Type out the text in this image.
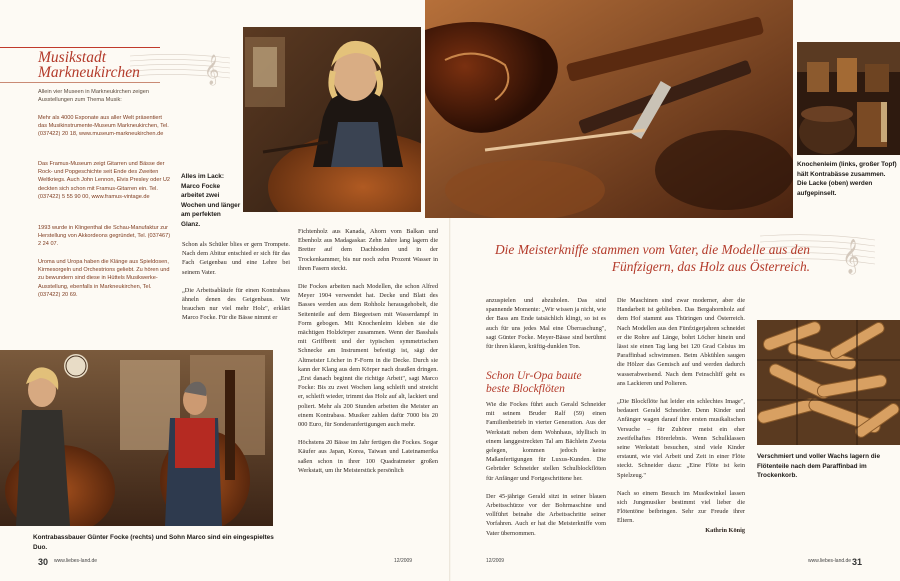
𝄞
Musikstadt
Markneukirchen
Allein vier Museen in Markneukirchen zeigen Ausstellungen zum Thema Musik:
Mehr als 4000 Exponate aus aller Welt präsentiert das Musikinstrumente-Museum Markneukirchen, Tel. (037422) 20 18, www.museum-markneukirchen.de
Das Framus-Museum zeigt Gitarren und Bässe der Rock- und Popgeschichte seit Ende des Zweiten Weltkriegs. Auch John Lennon, Elvis Presley oder U2 deckten sich schon mit Framus-Gitarren ein. Tel. (037422) 5 55 90 00, www.framus-vintage.de
1993 wurde in Klingenthal die Schau-Manufaktur zur Herstellung von Akkordeons gegründet, Tel. (037467) 2 24 07.
Uroma und Uropa haben die Klänge aus Spieldosen, Kirmesorgeln und Orchestrions geliebt. Zu hören und zu bewundern sind diese in Hüttels Musikwerke-Ausstellung, ebenfalls in Markneukirchen, Tel. (037422) 20 69.
Alles im Lack: Marco Focke arbeitet zwei Wochen und länger am perfekten Glanz.
Kontrabassbauer Günter Focke (rechts) und Sohn Marco sind ein eingespieltes Duo.

Schon als Schüler blies er gern Trompete. Nach dem Abitur entschied er sich für das Fach Geigenbau und eine Lehre bei seinem Vater.

„Die Arbeitsabläufe für einen Kontrabass ähneln denen des Geigenbaus. Wir brauchen nur viel mehr Holz", erklärt Marco Focke. Für die Bässe nimmt er

Fichtenholz aus Kanada, Ahorn vom Balkan und Ebenholz aus Madagaskar. Zehn Jahre lang lagern die Bretter auf dem Dachboden und in der Trockenkammer, bis nur noch zehn Prozent Wasser in ihren Fasern steckt.

Die Fockes arbeiten nach Modellen, die schon Alfred Meyer 1904 verwendet hat. Decke und Blatt des Basses werden aus dem Rohholz herausgehobelt, die Seitenteile auf dem Biegeeisen mit Wasserdampf in Form gebogen. Mit Knochenleim kleben sie die mächtigen Holzkörper zusammen. Wenn der Basshals mit Griffbrett und der typischen symmetrischen Schnecke am Instrument befestigt ist, sägt der Altmeister Löcher in F-Form in die Decke. Durch sie kann der Klang aus dem Körper nach draußen dringen. „Erst danach beginnt die richtige Arbeit", sagt Marco Focke: Bis zu zwei Wochen lang schleift und streicht er, schleift wieder, trimmt das Holz auf alt, lackiert und poliert. Mehr als 200 Stunden arbeiten die Meister an einem Kontrabass. Musiker zahlen dafür 7000 bis 20 000 Euro, für Sonderanfertigungen auch mehr.

Höchstens 20 Bässe im Jahr fertigen die Fockes. Sogar Käufer aus Japan, Korea, Taiwan und Lateinamerika saßen schon in ihrer 100 Quadratmeter großen Werkstatt, um ihr Meisterstück persönlich

30 www.liebes-land.de	12/2009
Knochenleim (links, großer Topf) hält Kontrabässe zusammen. Die Lacke (oben) werden aufgepinselt.
𝄞
Die Meisterkniffe stammen vom Vater, die Modelle aus den Fünfzigern, das Holz aus Österreich.

anzuspielen und abzuholen. Das sind spannende Momente: „Wir wissen ja nicht, wie der Bass am Ende tatsächlich klingt, so ist es auch für uns jedes Mal eine Überraschung", sagt Günter Focke. Meyer-Bässe sind berühmt für ihren klaren, kräftig-dunklen Ton.

Schon Ur-Opa baute beste Blockflöten

Wie die Fockes führt auch Gerald Schneider mit seinem Bruder Ralf (59) einen Familienbetrieb in vierter Generation. Aus der Werkstatt neben dem Wohnhaus, idyllisch in einem langgestreckten Tal am Bächlein Zwota gelegen, kommen jedoch keine Maßanfertigungen für Luxus-Kunden. Die Gebrüder Schneider stellen Schulblockflöten für Anfänger und Fortgeschrittene her.

Der 45-jährige Gerald sitzt in seiner blauen Arbeitsschürze vor der Bohrmaschine und vollführt beinahe die Arbeitsschritte seiner Vorfahren. Auch er hat die Meisterkniffe vom Vater übernommen.

Die Maschinen sind zwar moderner, aber die Handarbeit ist geblieben. Das Bergahornholz auf dem Hof stammt aus Thüringen und Österreich. Nach Modellen aus den Fünfzigerjahren schneidet er die Rohre auf Länge, bohrt Löcher hinein und lässt sie einen Tag lang bei 120 Grad Celsius im Paraffinbad schwimmen. Beim Abkühlen saugen die Hölzer das Gemisch auf und werden dadurch wasserabweisend. Nach dem Feinschliff geht es ans Lackieren und Polieren.

„Die Blockflöte hat leider ein schlechtes Image", bedauert Gerald Schneider. Denn Kinder und Anfänger wagen darauf ihre ersten musikalischen Versuche – für Zuhörer meist ein eher zweifelhaftes Hörerlebnis. Wenn Schulklassen seine Werkstatt besuchen, sind viele Kinder erstaunt, wie viel Arbeit und Zeit in einer Flöte steckt. Schneider dazu: „Eine Flöte ist kein Spielzeug."

Nach so einem Besuch im Musikwinkel lassen sich Jungmusiker bestimmt viel lieber die Flötentöne beibringen. Sehr zur Freude ihrer Eltern.

Kathrin König

Verschmiert und voller Wachs lagern die Flötenteile nach dem Paraffinbad im Trockenkorb.
12/2009	www.liebes-land.de 31
